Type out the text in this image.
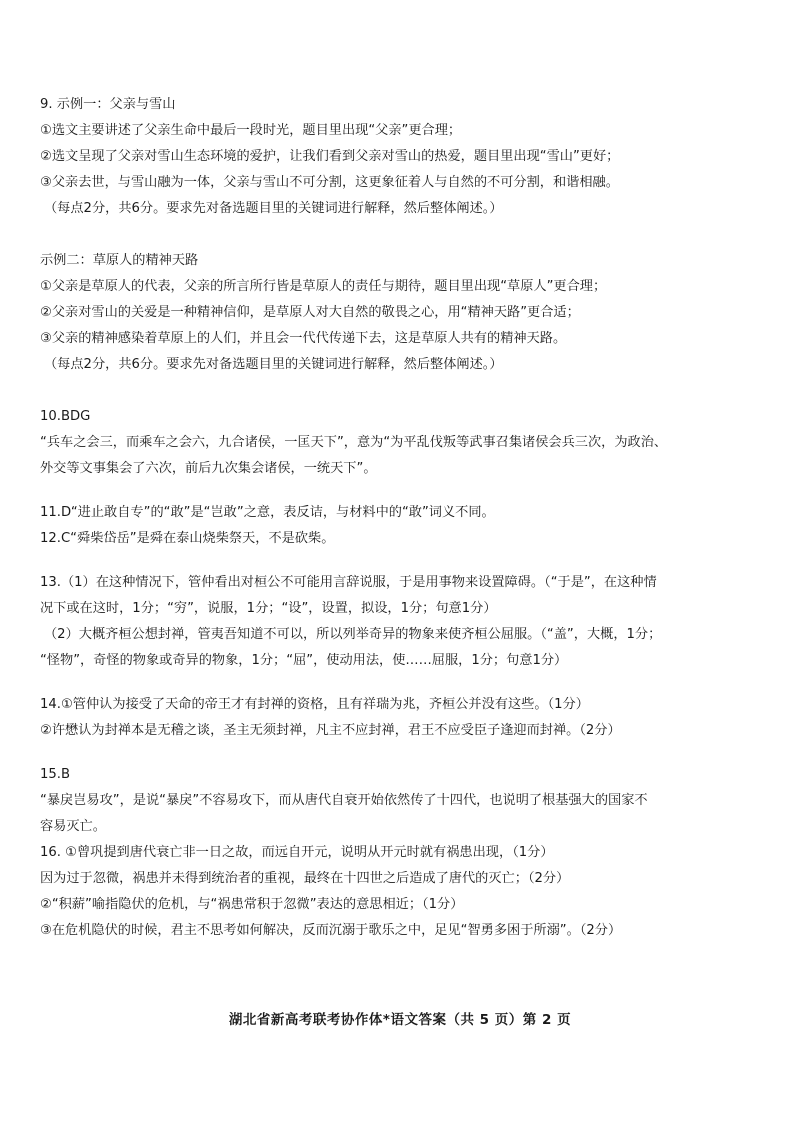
9. 示例一：父亲与雪山
①选文主要讲述了父亲生命中最后一段时光，题目里出现“父亲”更合理；
②选文呈现了父亲对雪山生态环境的爱护，让我们看到父亲对雪山的热爱，题目里出现“雪山”更好；
③父亲去世，与雪山融为一体，父亲与雪山不可分割，这更象征着人与自然的不可分割，和谐相融。
（每点2分，共6分。要求先对备选题目里的关键词进行解释，然后整体阐述。）
示例二：草原人的精神天路
①父亲是草原人的代表，父亲的所言所行皆是草原人的责任与期待，题目里出现“草原人”更合理；
②父亲对雪山的关爱是一种精神信仰，是草原人对大自然的敬畏之心，用“精神天路”更合适；
③父亲的精神感染着草原上的人们，并且会一代代传递下去，这是草原人共有的精神天路。
（每点2分，共6分。要求先对备选题目里的关键词进行解释，然后整体阐述。）
10.BDG
“兵车之会三，而乘车之会六，九合诸侯，一匡天下”，意为“为平乱伐叛等武事召集诸侯会兵三次，为政治、
外交等文事集会了六次，前后九次集会诸侯，一统天下”。
11.D“进止敢自专”的“敢”是“岂敢”之意，表反诘，与材料中的“敢”词义不同。
12.C“舜柴岱岳”是舜在泰山烧柴祭天，不是砍柴。
13.（1）在这种情况下，管仲看出对桓公不可能用言辞说服，于是用事物来设置障碍。（“于是”，在这种情
况下或在这时，1分；“穷”，说服，1分；“设”，设置，拟设，1分；句意1分）
（2）大概齐桓公想封禅，管夷吾知道不可以，所以列举奇异的物象来使齐桓公屈服。（“盖”，大概，1分；
“怪物”，奇怪的物象或奇异的物象，1分；“屈”，使动用法，使……屈服，1分；句意1分）
14.①管仲认为接受了天命的帝王才有封禅的资格，且有祥瑞为兆，齐桓公并没有这些。（1分）
②许懋认为封禅本是无稽之谈，圣主无须封禅，凡主不应封禅，君王不应受臣子逢迎而封禅。（2分）
15.B
“暴戾岂易攻”，是说“暴戾”不容易攻下，而从唐代自衰开始依然传了十四代，也说明了根基强大的国家不
容易灭亡。
16. ①曾巩提到唐代衰亡非一日之故，而远自开元，说明从开元时就有祸患出现，（1分）
因为过于忽微，祸患并未得到统治者的重视，最终在十四世之后造成了唐代的灭亡；（2分）
②“积薪”喻指隐伏的危机，与“祸患常积于忽微”表达的意思相近；（1分）
③在危机隐伏的时候，君主不思考如何解决，反而沉溺于歌乐之中，足见“智勇多困于所溺”。（2分）
湖北省新高考联考协作体*语文答案（共 5 页）第 2 页
